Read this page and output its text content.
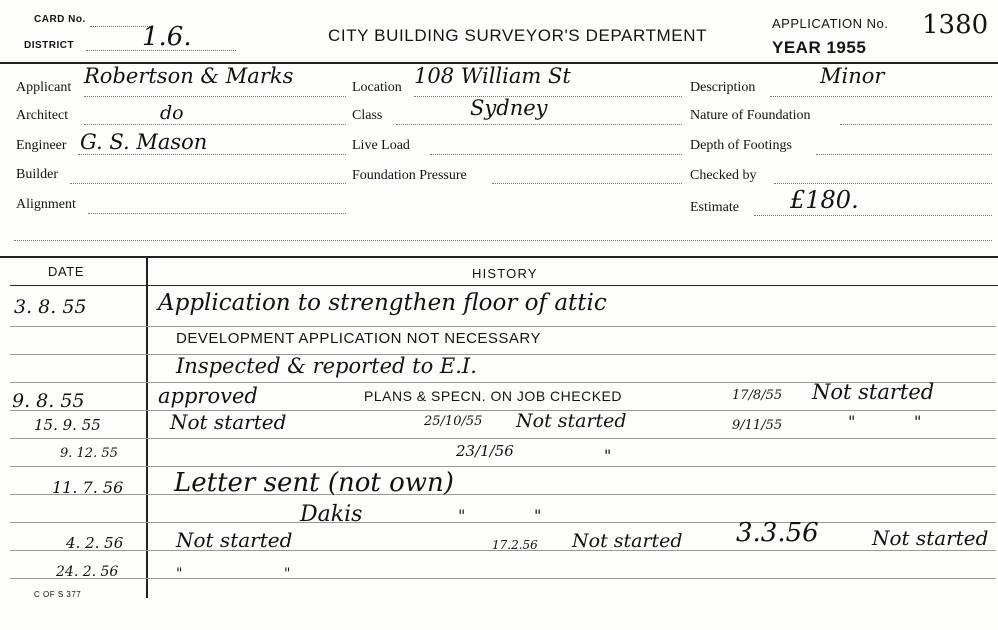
CARD No.
DISTRICT	1.6.	CITY BUILDING SURVEYOR'S DEPARTMENT
APPLICATION No. 1380
YEAR 1955
Applicant Robertson & Marks
Architect	do
Engineer G. S. Mason
Builder
Alignment
Location 108 William St
Class	Sydney
Live Load
Foundation Pressure
Description	Minor
Nature of Foundation
Depth of Footings
Checked by
Estimate £180.
DATE	HISTORY
3. 8. 55	Application to strengthen floor of attic
DEVELOPMENT APPLICATION NOT NECESSARY
Inspected & reported to E.I.
9. 8. 55	approved	PLANS & SPECN. ON JOB CHECKED	17/8/55 Not started
15. 9. 55	Not started	25/10/55 Not started	9/11/55	"	"
9. 12. 55	23/1/56	"
11. 7. 56 Letter sent (not own)
Dakis	"	"
4. 2. 56	Not started	17.2.56 Not started 3.3.56	Not started
24. 2. 56	"	"
C OF S 377
